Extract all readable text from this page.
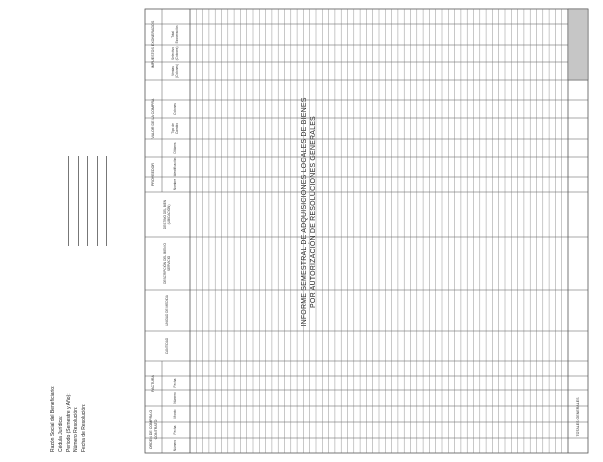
INFORME SEMESTRAL DE ADQUISICIONES LOCALES DE BIENES POR AUTORIZACIÓN DE RESOLUCIONES GENERALES
Razón Social del Beneficiario: Cédula Jurídica: Periodo (Semestre y Año): Número Resolución: Fecha de Resolución:	ORDEN DE COMPRA O CONTRATO
FACTURA
CANTIDAD
UNIDAD DE MEDIDA
DESCRIPCIÓN DEL BIEN O SERVICIO
DESTINO DEL BIEN (UBICACIÓN)
PROVEEDOR
VALOR DE LA COMPRA
IMPUESTOS EXONERADOS
Número
Fecha
Monto
Número
Fecha
Nombre
Identificación
Dólares
Tipo de Cambio
Colones
Ventas (Colones)
Selectivo (Colones)
Total Exoneración
TOTALES GENERALES
